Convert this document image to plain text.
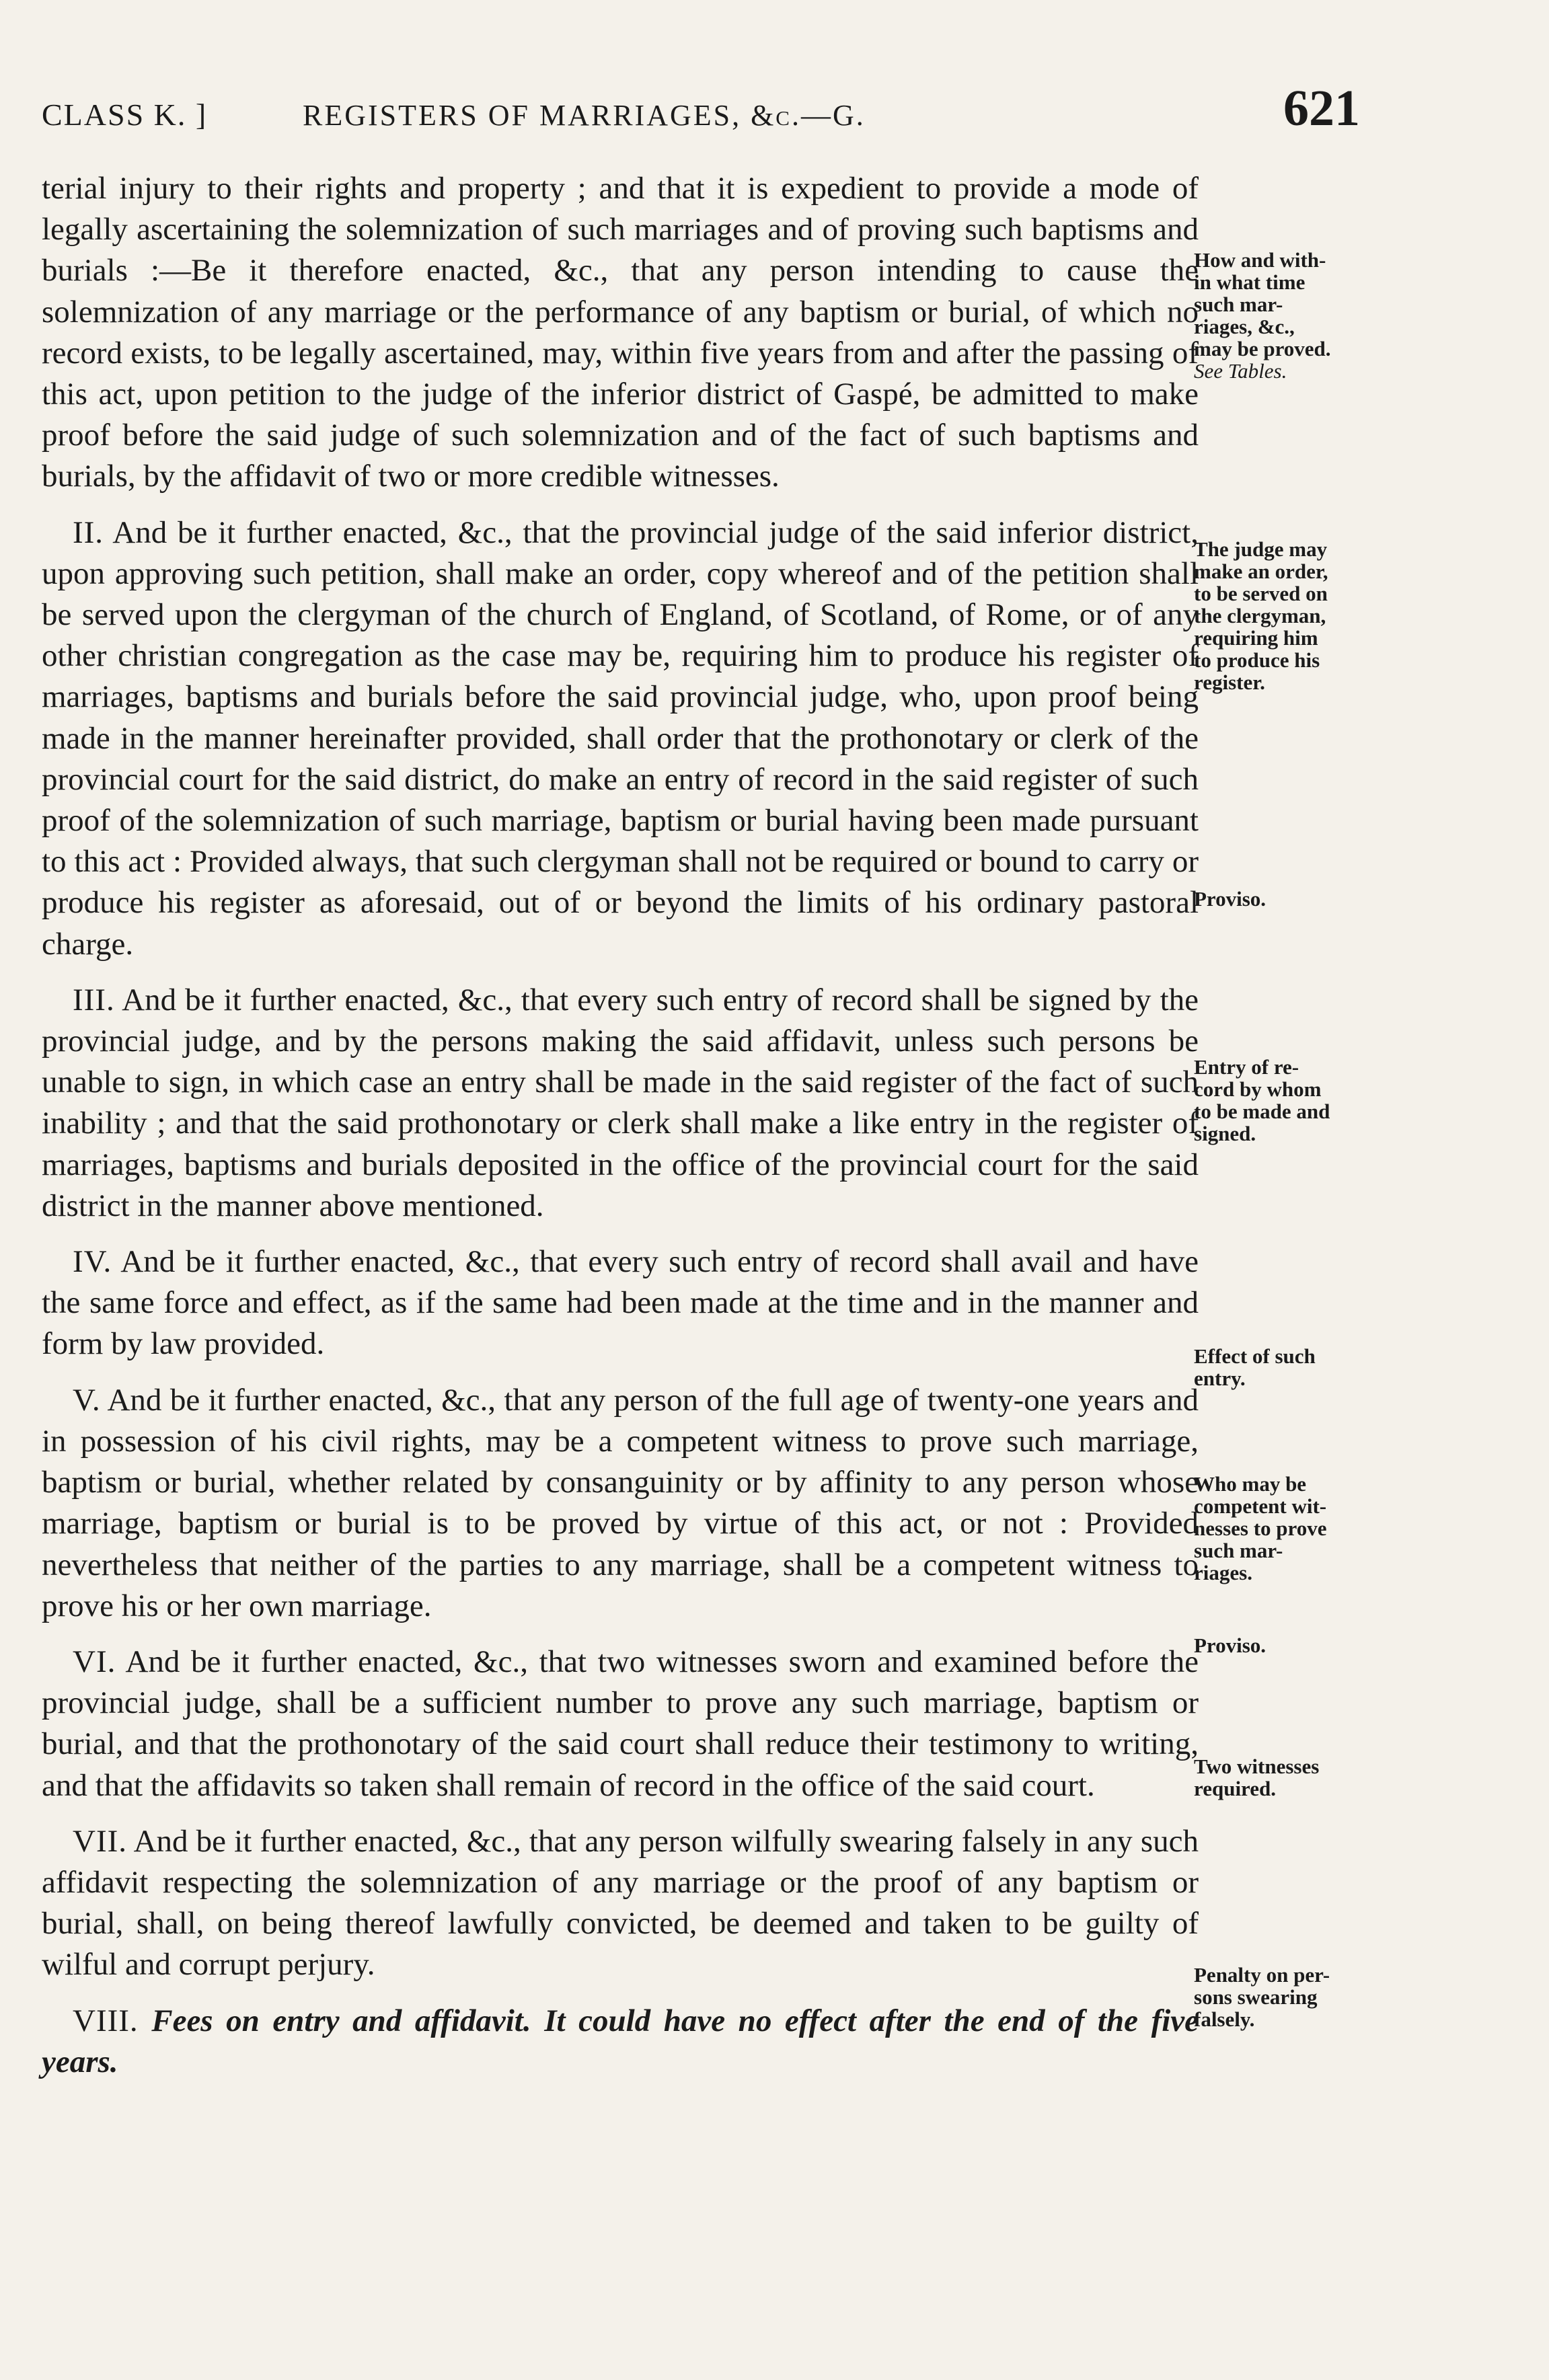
CLASS K. ]	REGISTERS OF MARRIAGES, &c.—G.	621

terial injury to their rights and property ; and that it is expedient to provide a mode of legally ascertaining the solemnization of such marriages and of proving such baptisms and burials :—Be it therefore enacted, &c., that any person intending to cause the solemnization of any marriage or the performance of any baptism or burial, of which no record exists, to be legally ascertained, may, within five years from and after the passing of this act, upon petition to the judge of the inferior district of Gaspé, be admitted to make proof before the said judge of such solemnization and of the fact of such baptisms and burials, by the affidavit of two or more credible witnesses.

II. And be it further enacted, &c., that the provincial judge of the said inferior district, upon approving such petition, shall make an order, copy whereof and of the petition shall be served upon the clergyman of the church of England, of Scotland, of Rome, or of any other christian congregation as the case may be, requiring him to produce his register of marriages, baptisms and burials before the said provincial judge, who, upon proof being made in the manner hereinafter provided, shall order that the prothonotary or clerk of the provincial court for the said district, do make an entry of record in the said register of such proof of the solemnization of such marriage, baptism or burial having been made pursuant to this act : Provided always, that such clergyman shall not be required or bound to carry or produce his register as aforesaid, out of or beyond the limits of his ordinary pastoral charge.

III. And be it further enacted, &c., that every such entry of record shall be signed by the provincial judge, and by the persons making the said affidavit, unless such persons be unable to sign, in which case an entry shall be made in the said register of the fact of such inability ; and that the said prothonotary or clerk shall make a like entry in the register of marriages, baptisms and burials deposited in the office of the provincial court for the said district in the manner above mentioned.

IV. And be it further enacted, &c., that every such entry of record shall avail and have the same force and effect, as if the same had been made at the time and in the manner and form by law provided.

V. And be it further enacted, &c., that any person of the full age of twenty-one years and in possession of his civil rights, may be a competent witness to prove such marriage, baptism or burial, whether related by consanguinity or by affinity to any person whose marriage, baptism or burial is to be proved by virtue of this act, or not : Provided nevertheless that neither of the parties to any marriage, shall be a competent witness to prove his or her own marriage.

VI. And be it further enacted, &c., that two witnesses sworn and examined before the provincial judge, shall be a sufficient number to prove any such marriage, baptism or burial, and that the prothonotary of the said court shall reduce their testimony to writing, and that the affidavits so taken shall remain of record in the office of the said court.

VII. And be it further enacted, &c., that any person wilfully swearing falsely in any such affidavit respecting the solemnization of any marriage or the proof of any baptism or burial, shall, on being thereof lawfully convicted, be deemed and taken to be guilty of wilful and corrupt perjury.

VIII. Fees on entry and affidavit. It could have no effect after the end of the five years.

How and with-
in what time
such mar-
riages, &c.,
may be proved.
See Tables.
The judge may
make an order,
to be served on
the clergyman,
requiring him
to produce his
register.
Proviso.
Entry of re-
cord by whom
to be made and
signed.
Effect of such
entry.
Who may be
competent wit-
nesses to prove
such mar-
riages.
Proviso.
Two witnesses
required.
Penalty on per-
sons swearing
falsely.
